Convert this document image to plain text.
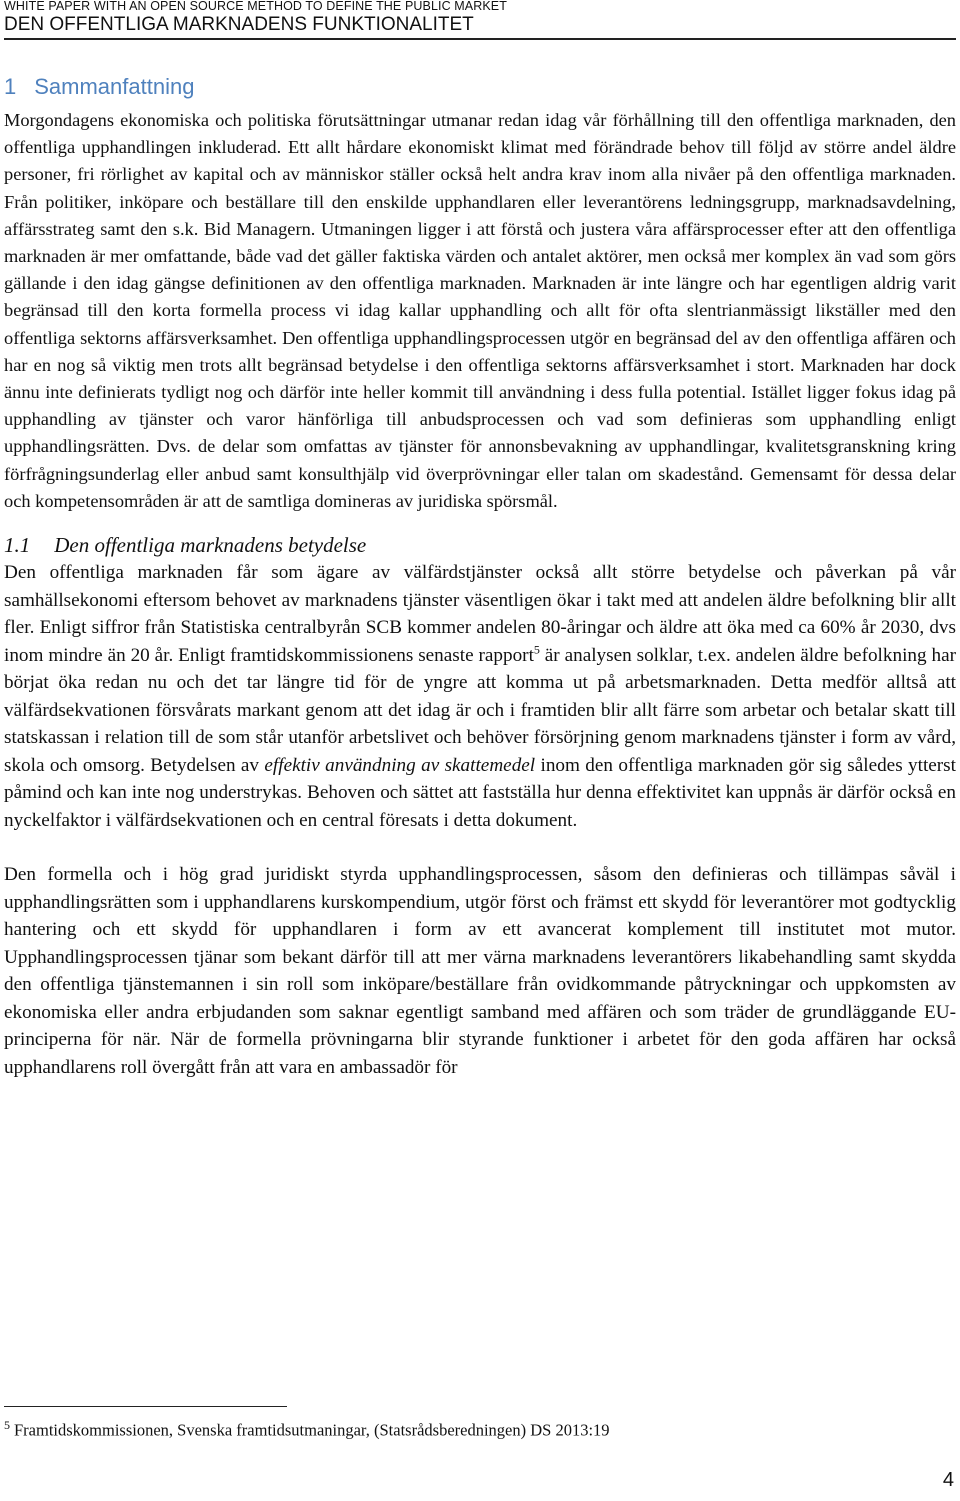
WHITE PAPER WITH AN OPEN SOURCE METHOD TO DEFINE THE PUBLIC MARKET
DEN OFFENTLIGA MARKNADENS FUNKTIONALITET
1 Sammanfattning

Morgondagens ekonomiska och politiska förutsättningar utmanar redan idag vår förhållning till den offentliga marknaden, den offentliga upphandlingen inkluderad. Ett allt hårdare ekonomiskt klimat med förändrade behov till följd av större andel äldre personer, fri rörlighet av kapital och av människor ställer också helt andra krav inom alla nivåer på den offentliga marknaden. Från politiker, inköpare och beställare till den enskilde upphandlaren eller leverantörens ledningsgrupp, marknadsavdelning, affärsstrateg samt den s.k. Bid Managern. Utmaningen ligger i att förstå och justera våra affärsprocesser efter att den offentliga marknaden är mer omfattande, både vad det gäller faktiska värden och antalet aktörer, men också mer komplex än vad som görs gällande i den idag gängse definitionen av den offentliga marknaden. Marknaden är inte längre och har egentligen aldrig varit begränsad till den korta formella process vi idag kallar upphandling och allt för ofta slentrianmässigt likställer med den offentliga sektorns affärsverksamhet. Den offentliga upphandlingsprocessen utgör en begränsad del av den offentliga affären och har en nog så viktig men trots allt begränsad betydelse i den offentliga sektorns affärsverksamhet i stort. Marknaden har dock ännu inte definierats tydligt nog och därför inte heller kommit till användning i dess fulla potential. Istället ligger fokus idag på upphandling av tjänster och varor hänförliga till anbudsprocessen och vad som definieras som upphandling enligt upphandlingsrätten. Dvs. de delar som omfattas av tjänster för annonsbevakning av upphandlingar, kvalitetsgranskning kring förfrågningsunderlag eller anbud samt konsulthjälp vid överprövningar eller talan om skadestånd. Gemensamt för dessa delar och kompetensområden är att de samtliga domineras av juridiska spörsmål.

1.1 Den offentliga marknadens betydelse

Den offentliga marknaden får som ägare av välfärdstjänster också allt större betydelse och påverkan på vår samhällsekonomi eftersom behovet av marknadens tjänster väsentligen ökar i takt med att andelen äldre befolkning blir allt fler. Enligt siffror från Statistiska centralbyrån SCB kommer andelen 80-åringar och äldre att öka med ca 60% år 2030, dvs inom mindre än 20 år. Enligt framtidskommissionens senaste rapport$^5$ är analysen solklar, t.ex. andelen äldre befolkning har börjat öka redan nu och det tar längre tid för de yngre att komma ut på arbetsmarknaden. Detta medför alltså att välfärdsekvationen försvårats markant genom att det idag är och i framtiden blir allt färre som arbetar och betalar skatt till statskassan i relation till de som står utanför arbetslivet och behöver försörjning genom marknadens tjänster i form av vård, skola och omsorg. Betydelsen av effektiv användning av skattemedel inom den offentliga marknaden gör sig således ytterst påmind och kan inte nog understrykas. Behoven och sättet att fastställa hur denna effektivitet kan uppnås är därför också en nyckelfaktor i välfärdsekvationen och en central föresats i detta dokument.

Den formella och i hög grad juridiskt styrda upphandlingsprocessen, såsom den definieras och tillämpas såväl i upphandlingsrätten som i upphandlarens kurskompendium, utgör först och främst ett skydd för leverantörer mot godtycklig hantering och ett skydd för upphandlaren i form av ett avancerat komplement till institutet mot mutor. Upphandlingsprocessen tjänar som bekant därför till att mer värna marknadens leverantörers likabehandling samt skydda den offentliga tjänstemannen i sin roll som inköpare/beställare från ovidkommande påtryckningar och uppkomsten av ekonomiska eller andra erbjudanden som saknar egentligt samband med affären och som träder de grundläggande EU-principerna för när. När de formella prövningarna blir styrande funktioner i arbetet för den goda affären har också upphandlarens roll övergått från att vara en ambassadör för

$^5$ Framtidskommissionen, Svenska framtidsutmaningar, (Statsrådsberedningen) DS 2013:19
4
